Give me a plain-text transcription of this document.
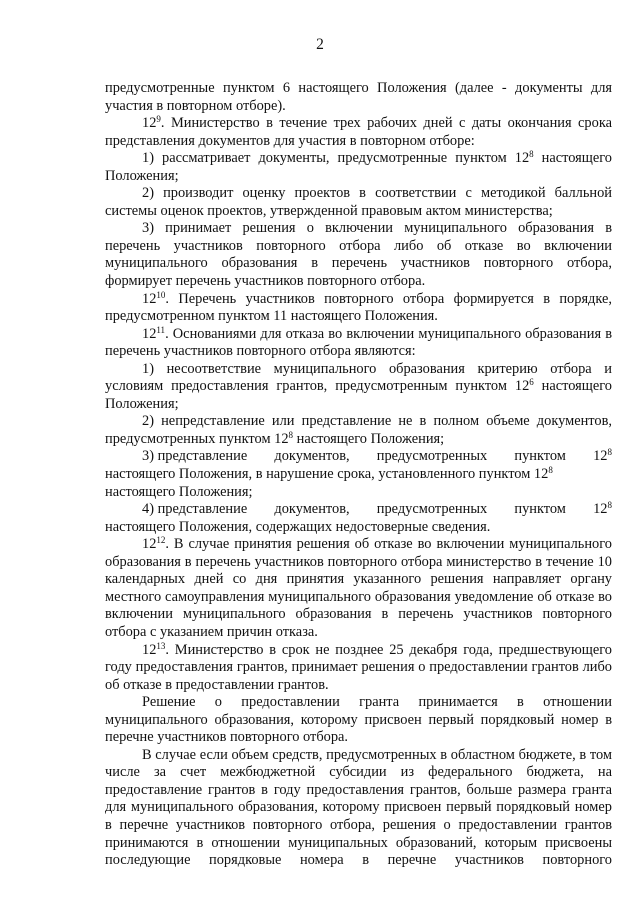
2

предусмотренные пунктом 6 настоящего Положения (далее - документы для участия в повторном отборе).

$12^9$. Министерство в течение трех рабочих дней с даты окончания срока представления документов для участия в повторном отборе:

1) рассматривает документы, предусмотренные пунктом $12^8$ настоящего Положения;

2) производит оценку проектов в соответствии с методикой балльной системы оценок проектов, утвержденной правовым актом министерства;

3) принимает решения о включении муниципального образования в перечень участников повторного отбора либо об отказе во включении муниципального образования в перечень участников повторного отбора, формирует перечень участников повторного отбора.

$12^{10}$. Перечень участников повторного отбора формируется в порядке, предусмотренном пунктом 11 настоящего Положения.

$12^{11}$. Основаниями для отказа во включении муниципального образования в перечень участников повторного отбора являются:

1) несоответствие муниципального образования критерию отбора и условиям предоставления грантов, предусмотренным пунктом $12^6$ настоящего Положения;

2) непредставление или представление не в полном объеме документов, предусмотренных пунктом $12^8$ настоящего Положения;

3) представление документов, предусмотренных пунктом $12^8$
настоящего Положения, в нарушение срока, установленного пунктом $12^8$
настоящего Положения;
4) представление документов, предусмотренных пунктом $12^8$
настоящего Положения, содержащих недостоверные сведения.

$12^{12}$. В случае принятия решения об отказе во включении муниципального образования в перечень участников повторного отбора министерство в течение 10 календарных дней со дня принятия указанного решения направляет органу местного самоуправления муниципального образования уведомление об отказе во включении муниципального образования в перечень участников повторного отбора с указанием причин отказа.

$12^{13}$. Министерство в срок не позднее 25 декабря года, предшествующего году предоставления грантов, принимает решения о предоставлении грантов либо об отказе в предоставлении грантов.

Решение о предоставлении гранта принимается в отношении

муниципального образования, которому присвоен первый порядковый номер в перечне участников повторного отбора.

В случае если объем средств, предусмотренных в областном бюджете, в том числе за счет межбюджетной субсидии из федерального бюджета, на предоставление грантов в году предоставления грантов, больше размера гранта для муниципального образования, которому присвоен первый порядковый номер в перечне участников повторного отбора, решения о предоставлении грантов принимаются в отношении муниципальных образований, которым присвоены последующие порядковые номера в перечне участников повторного
